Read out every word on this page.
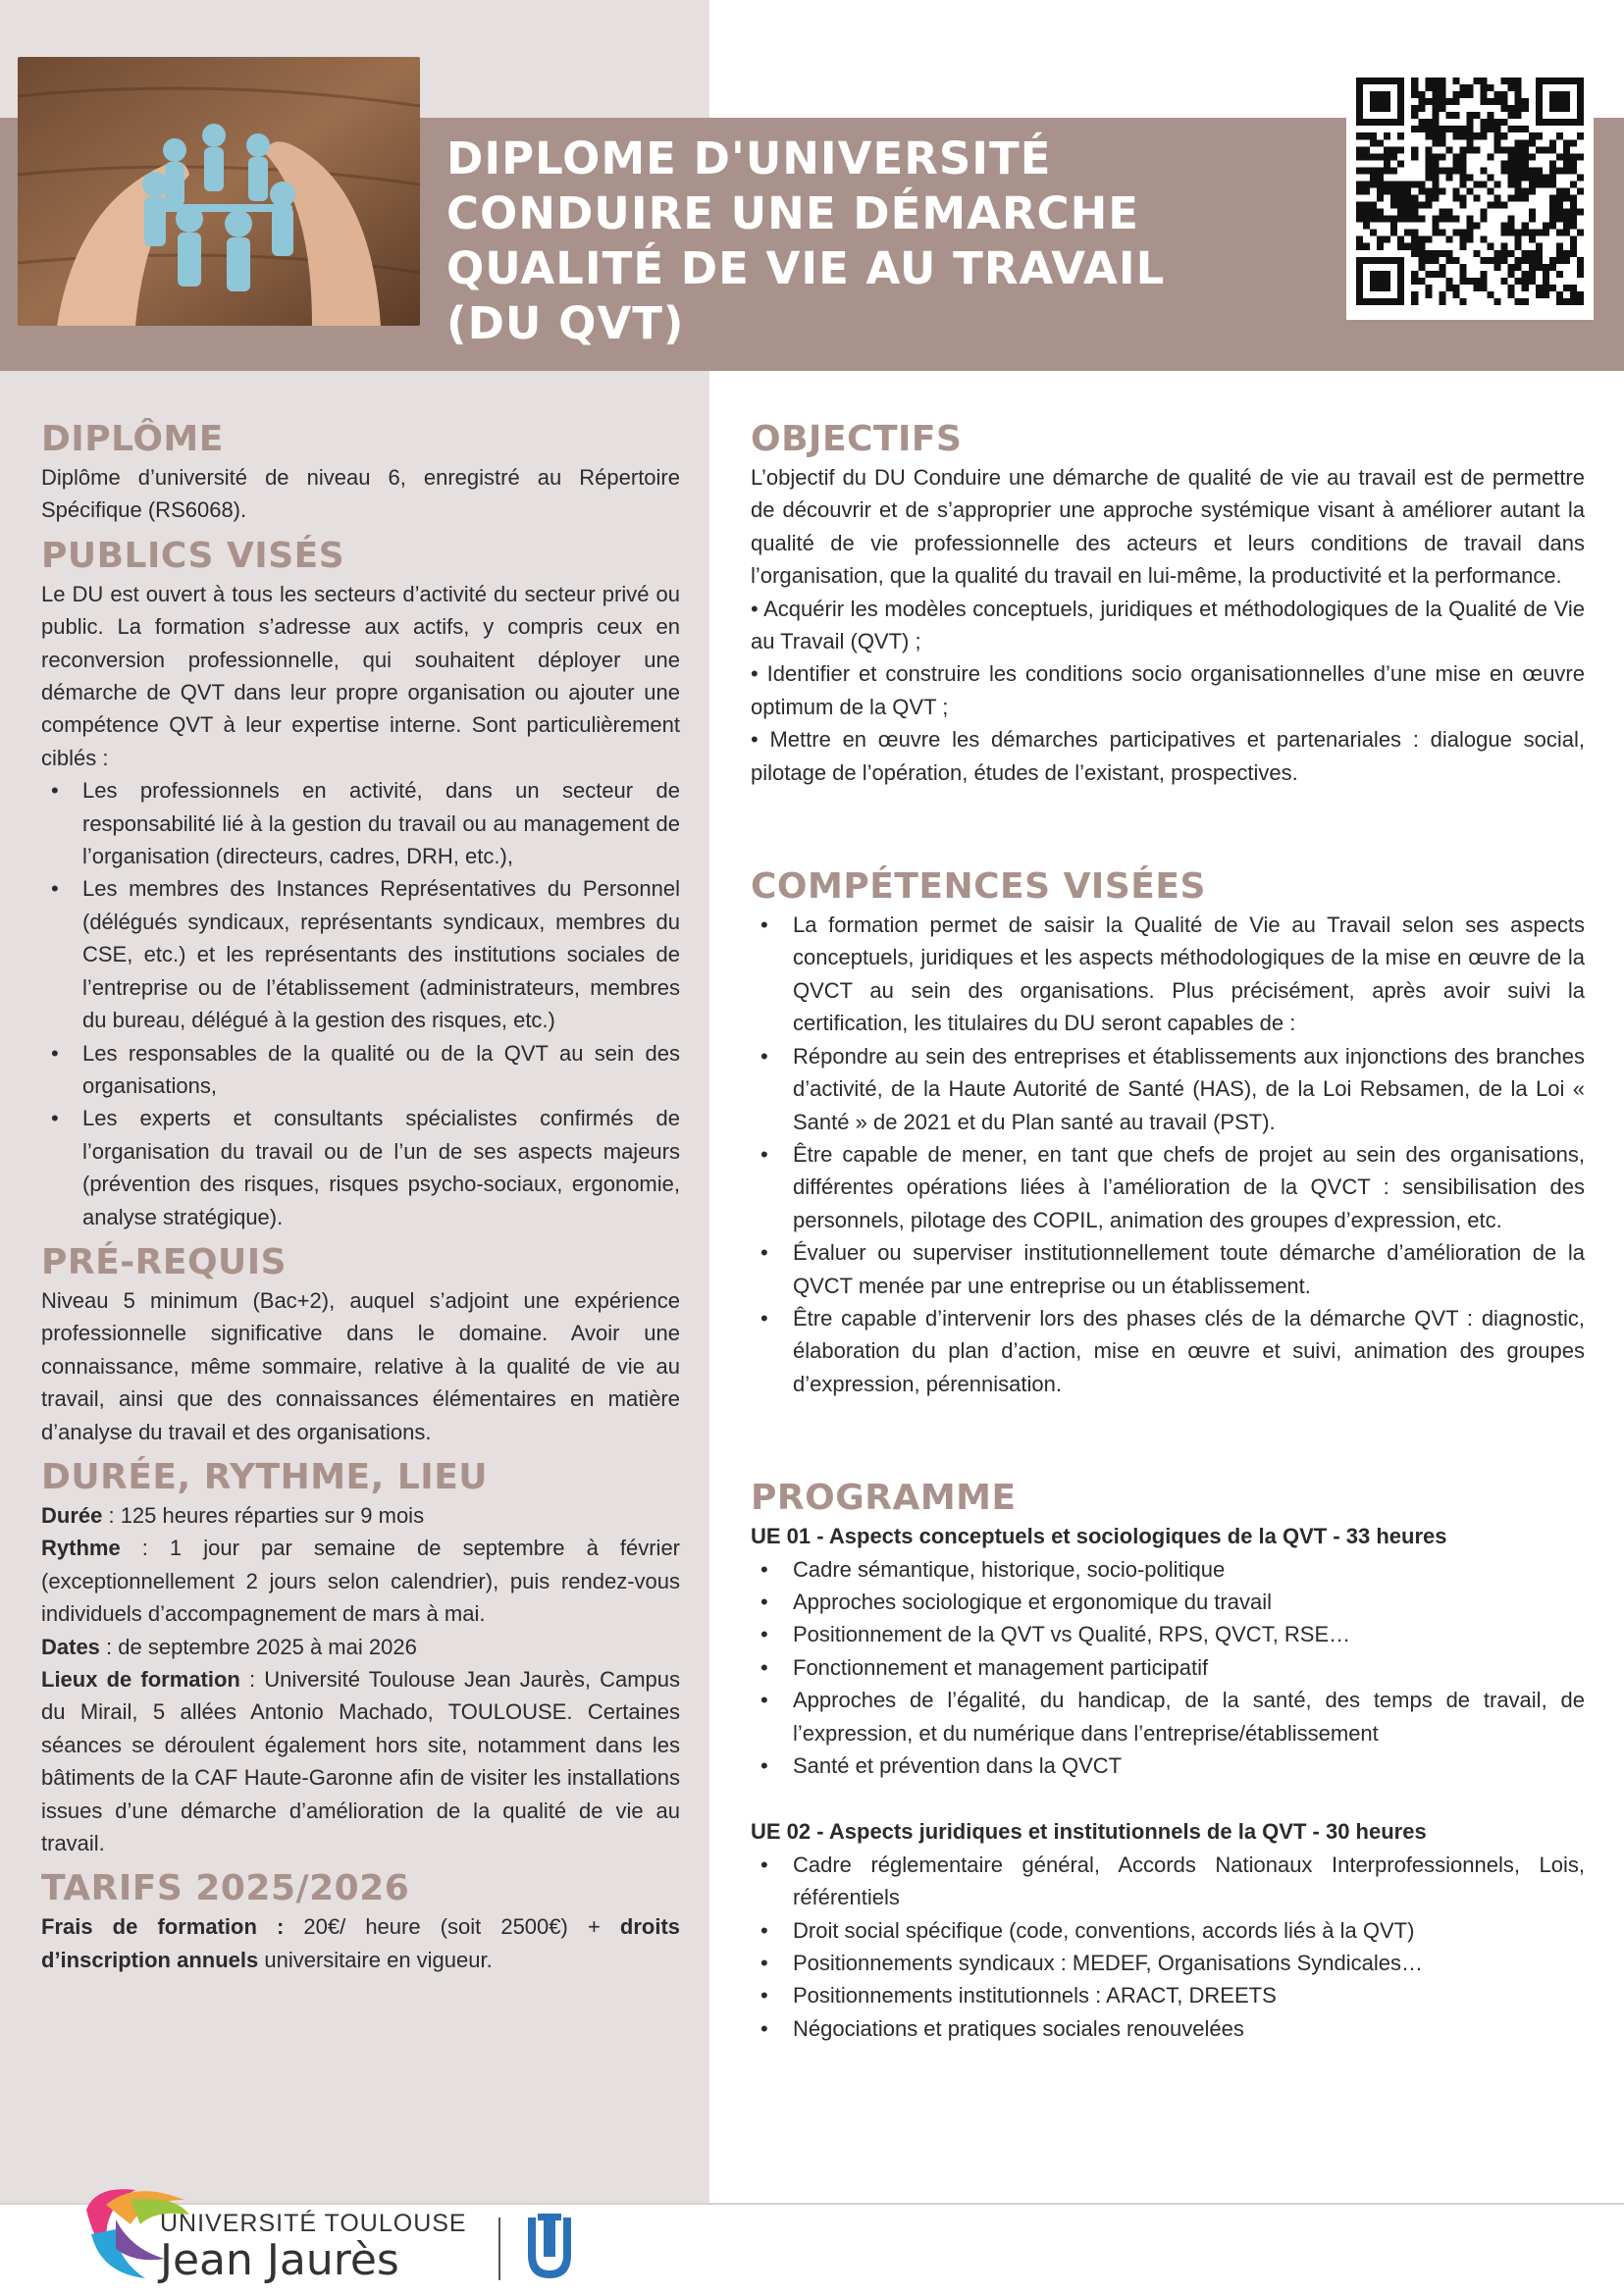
DIPLOME D'UNIVERSITÉ
CONDUIRE UNE DÉMARCHE
QUALITÉ DE VIE AU TRAVAIL
(DU QVT)
DIPLÔME

Diplôme d’université de niveau 6, enregistré au Répertoire Spécifique (RS6068).

PUBLICS VISÉS

Le DU est ouvert à tous les secteurs d’activité du secteur privé ou public. La formation s’adresse aux actifs, y compris ceux en reconversion professionnelle, qui souhaitent déployer une démarche de QVT dans leur propre organisation ou ajouter une compétence QVT à leur expertise interne. Sont particulièrement ciblés :

• Les professionnels en activité, dans un secteur de responsabilité lié à la gestion du travail ou au management de l’organisation (directeurs, cadres, DRH, etc.),
• Les membres des Instances Représentatives du Personnel (délégués syndicaux, représentants syndicaux, membres du CSE, etc.) et les représentants des institutions sociales de l’entreprise ou de l’établissement (administrateurs, membres du bureau, délégué à la gestion des risques, etc.)
• Les responsables de la qualité ou de la QVT au sein des organisations,
• Les experts et consultants spécialistes confirmés de l’organisation du travail ou de l’un de ses aspects majeurs (prévention des risques, risques psycho-sociaux, ergonomie, analyse stratégique).
PRÉ-REQUIS

Niveau 5 minimum (Bac+2), auquel s’adjoint une expérience professionnelle significative dans le domaine. Avoir une connaissance, même sommaire, relative à la qualité de vie au travail, ainsi que des connaissances élémentaires en matière d’analyse du travail et des organisations.

DURÉE, RYTHME, LIEU

Durée : 125 heures réparties sur 9 mois

Rythme : 1 jour par semaine de septembre à février (exceptionnellement 2 jours selon calendrier), puis rendez-vous individuels d’accompagnement de mars à mai.

Dates : de septembre 2025 à mai 2026

Lieux de formation : Université Toulouse Jean Jaurès, Campus du Mirail, 5 allées Antonio Machado, TOULOUSE. Certaines séances se déroulent également hors site, notamment dans les bâtiments de la CAF Haute-Garonne afin de visiter les installations issues d’une démarche d’amélioration de la qualité de vie au travail.

TARIFS 2025/2026

Frais de formation : 20€/ heure (soit 2500€) + droits d’inscription annuels universitaire en vigueur.

OBJECTIFS

L’objectif du DU Conduire une démarche de qualité de vie au travail est de permettre de découvrir et de s’approprier une approche systémique visant à améliorer autant la qualité de vie professionnelle des acteurs et leurs conditions de travail dans l’organisation, que la qualité du travail en lui-même, la productivité et la performance.

• Acquérir les modèles conceptuels, juridiques et méthodologiques de la Qualité de Vie au Travail (QVT) ;

• Identifier et construire les conditions socio organisationnelles d’une mise en œuvre optimum de la QVT ;

• Mettre en œuvre les démarches participatives et partenariales : dialogue social, pilotage de l’opération, études de l’existant, prospectives.

COMPÉTENCES VISÉES
• La formation permet de saisir la Qualité de Vie au Travail selon ses aspects conceptuels, juridiques et les aspects méthodologiques de la mise en œuvre de la QVCT au sein des organisations. Plus précisément, après avoir suivi la certification, les titulaires du DU seront capables de :
• Répondre au sein des entreprises et établissements aux injonctions des branches d’activité, de la Haute Autorité de Santé (HAS), de la Loi Rebsamen, de la Loi « Santé » de 2021 et du Plan santé au travail (PST).
• Être capable de mener, en tant que chefs de projet au sein des organisations, différentes opérations liées à l’amélioration de la QVCT : sensibilisation des personnels, pilotage des COPIL, animation des groupes d’expression, etc.
• Évaluer ou superviser institutionnellement toute démarche d’amélioration de la QVCT menée par une entreprise ou un établissement.
• Être capable d’intervenir lors des phases clés de la démarche QVT : diagnostic, élaboration du plan d’action, mise en œuvre et suivi, animation des groupes d’expression, pérennisation.
PROGRAMME

UE 01 - Aspects conceptuels et sociologiques de la QVT - 33 heures

• Cadre sémantique, historique, socio-politique
• Approches sociologique et ergonomique du travail
• Positionnement de la QVT vs Qualité, RPS, QVCT, RSE…
• Fonctionnement et management participatif
• Approches de l’égalité, du handicap, de la santé, des temps de travail, de l’expression, et du numérique dans l’entreprise/établissement
• Santé et prévention dans la QVCT

UE 02 - Aspects juridiques et institutionnels de la QVT - 30 heures

• Cadre réglementaire général, Accords Nationaux Interprofessionnels, Lois, référentiels
• Droit social spécifique (code, conventions, accords liés à la QVT)
• Positionnements syndicaux : MEDEF, Organisations Syndicales…
• Positionnements institutionnels : ARACT, DREETS
• Négociations et pratiques sociales renouvelées
UNIVERSITÉ TOULOUSE
Jean Jaurès
